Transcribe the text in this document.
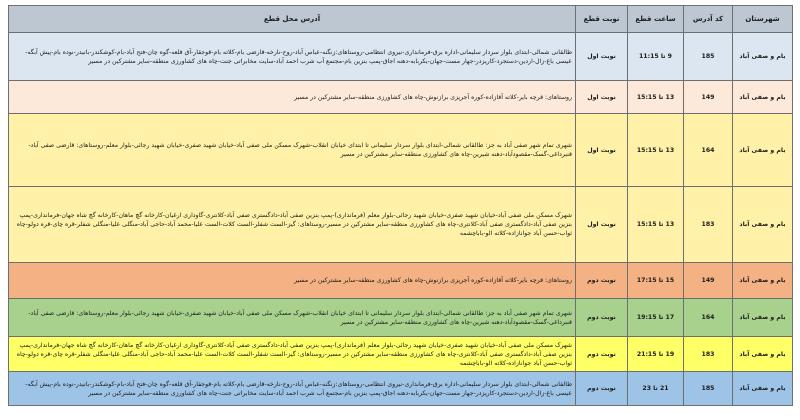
شهرستان	کد آدرس	ساعت قطع	نوبت قطع	آدرس محل قطع
بام و صفی آباد	185	9 تا 11:15	نوبت اول	طالقانی شمالی-ابتدای بلوار سردار سلیمانی-اداره برق-فرمانداری-نیروی انتظامی-روستاهای:زنگنه-عباس آباد-روح-نارخه-قارضی بام-کلاته بام-قوجقار-آق قلعه-گوه چان-فتح آباد-بام-کوشکندر-بانیدر-نوده بام-پیش آبگه-عیسی باغ-زال-اردین-دستجرد-کاریزدر-جهار مست-جهان-یکربابه-دهنه اجاق-پمپ بنزین بام-مجتمع آب شرب احمد آباد-سایت مخابراتی جنت-چاه های کشاورزی منطقه-سایر مشترکین در مسیر
بام و صفی آباد	149	13 تا 15:15	نوبت اول	روستاهای: قرچه بایر-کلاته آقازاده-کوره آجرپزی برازنوش-چاه های کشاورزی منطقه-سایر مشترکین در مسیر
بام و صفی آباد	164	13 تا 15:15	نوبت اول	شهری تمام شهر صفی آباد به جز: طالقانی شمالی-ابتدای بلوار سردار سلیمانی تا ابتدای خیابان انقلاب-شهرک مسکن ملی صفی آباد-خیابان شهید صفری-خیابان شهید رجائی-بلوار معلم-روستاهای: قارضی صفی آباد-قنبرداغی-گسک-مقصودآباد-دهنه شیرین-چاه های کشاورزی منطقه-سایر مشترکین در مسیر
بام و صفی آباد	183	13 تا 15:15	نوبت اول	شهرک مسکن ملی صفی آباد-خیابان شهید صفری-خیابان شهید رجائی-بلوار معلم (فرمانداری)-پمپ بنزین صفی آباد-دادگستری صفی آباد-کلانتری-گاوداری ارغیان-کارخانه گچ ماهان-کارخانه گچ شاه جهان-فرمانداری-پمپ بنزین صفی آباد-دادگستری صفی آباد-کلانتری-چاه های کشاورزی منطقه-سایر مشترکین در مسیر-روستاهای: گیز-الست شفلر-الست کلات-الست علیا-محمد آباد-حاجی آباد-منگلی علیا-منگلی شفلر-قره چای-قره دولو-چاه ثواب-حسن آباد جوانازاده-کلاته الو-باباچشمه
بام و صفی آباد	149	15 تا 17:15	نوبت دوم	روستاهای: قرچه بایر-کلاته آقازاده-کوره آجرپزی برازنوش-چاه های کشاورزی منطقه-سایر مشترکین در مسیر
بام و صفی آباد	164	17 تا 19:15	نوبت دوم	شهری تمام شهر صفی آباد به جز: طالقانی شمالی-ابتدای بلوار سردار سلیمانی تا ابتدای خیابان انقلاب-شهرک مسکن ملی صفی آباد-خیابان شهید صفری-خیابان شهید رجائی-بلوار معلم-روستاهای: قارضی صفی آباد-قنبرداغی-گسک-مقصودآباد-دهنه شیرین-چاه های کشاورزی منطقه-سایر مشترکین در مسیر
بام و صفی آباد	183	19 تا 21:15	نوبت دوم	شهرک مسکن ملی صفی آباد-خیابان شهید صفری-خیابان شهید رجائی-بلوار معلم (فرمانداری)-پمپ بنزین صفی آباد-دادگستری صفی آباد-کلانتری-گاوداری ارغیان-کارخانه گچ ماهان-کارخانه گچ شاه جهان-فرمانداری-پمپ بنزین صفی آباد-دادگستری صفی آباد-کلانتری-چاه های کشاورزی منطقه-سایر مشترکین در مسیر-روستاهای: گیز-الست شفلر-الست کلات-الست علیا-محمد آباد-حاجی آباد-منگلی علیا-منگلی شفلر-قره چای-قره دولو-چاه ثواب-حسن آباد جوانازاده-کلاته الو-باباچشمه
بام و صفی آباد	185	21 تا 23	نوبت دوم	طالقانی شمالی-ابتدای بلوار سردار سلیمانی-اداره برق-فرمانداری-نیروی انتظامی-روستاهای:زنگنه-عباس آباد-روح-نارخه-قارضی بام-کلاته بام-قوجقار-آق قلعه-گوه چان-فتح آباد-بام-کوشکندر-بانیدر-نوده بام-پیش آبگه-عیسی باغ-زال-اردین-دستجرد-کاریزدر-جهار مست-جهان-یکربابه-دهنه اجاق-پمپ بنزین بام-مجتمع آب شرب احمد آباد-سایت مخابراتی جنت-چاه های کشاورزی منطقه-سایر مشترکین در مسیر
